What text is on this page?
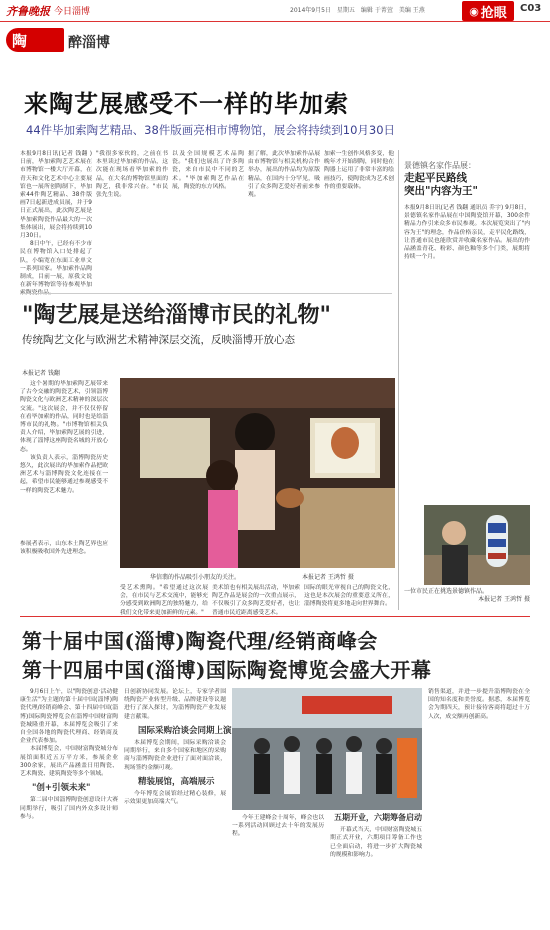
齐鲁晚报 今日淄博	2014年9月5日 星期五 编辑 于菁萱 美编 王燕	◉ 抢眼 C03
陶	醉淄博
来陶艺展感受不一样的毕加索
44件毕加索陶艺精品、38件版画亮相市博物馆，展会将持续到10月30日

本报9月8日讯(记者 钱翻 ) 日前，毕加索陶艺艺术展在市博物馆一楼大厅开幕，在青天和文化艺术中心主要展馆也一展所创陶制下，毕加索44件陶艺精品、38件版画7日起新进成员展，并于9日正式展出，此次陶艺展是毕加索陶瓷作品最大的一次集体展出，展会将持续到10月30日。

8日中午，已经有不少市民在博物馆入口处排起了队，小编宽在东面工业单文一系列国家。毕加索作品陶制成，目前一展，原我文说在新年博物馆等待参观毕加

"我很多家伙的，之前在书本里读过毕加索的作品，这次能在现场看毕加索的作品，在大名的博物馆里面的陶艺，我非常兴奋。"市民张先生说。
以及全国规模艺术品陶瓷。"我们也展出了许多陶瓷，来自市民中不同的艺术。"毕加索陶艺作品在展，陶瓷的东方风格。
据了解，此次毕加索作品展由市博物馆与相关机构合作举办，展出的作品均为原版精品，在国内十分罕见，吸引了众多陶艺爱好者前来参观。
加索一生创作风格多变，他晚年才开始制陶，同时他在陶器上运用了非常丰富的绘画技巧，使陶瓷成为艺术创作的重要载体。
景德镇名家作品展：
走起平民路线
突出"内容为王"
本报9月8日讯(记者 钱翻 通讯员 乔宇) 9月8日，景德镇名家作品展在中国陶瓷馆开幕，300余件精品力作引来众多市民参观。本次展览突出了"内容为王"的理念，作品价格亲民，走平民化路线，让普通市民也能欣赏并收藏名家作品。展出的作品涵盖青花、粉彩、颜色釉等多个门类，展期将持续一个月。
一位市民正在挑选景德镇作品。
本报记者 王鸿哲 摄
"陶艺展是送给淄博市民的礼物"
传统陶艺文化与欧洲艺术精神深层交流，反映淄博开放心态
本报记者 钱翻

这个暑期的毕加索陶艺展带来了古今交融的陶瓷艺术，引领淄博陶瓷文化与欧洲艺术精神的深层次交流。"这次展会，并不仅仅停留在看毕加索的作品，同时也是给淄博市民的礼物。"市博物馆相关负责人介绍，毕加索陶艺展的引进，体现了淄博这座陶瓷名城的开放心态。

该负责人表示，淄博陶瓷历史悠久，此次展出的毕加索作品把欧洲艺术与淄博陶瓷文化连接在一起，希望市民能够通过参观感受不一样的陶瓷艺术魅力。

华信翡的作品吸引小朋友的关注。	本报记者 王鸿哲 摄
受艺术熏陶。"希望通过这次展会，在市民与艺术交流中，能够充分感受到欧洲陶艺的独特魅力，给我们文化带来更加新鲜的元素。"
美术馆也有相关展出活动，毕加索陶艺作品是展会的一次重点展示，不仅吸引了众多陶艺爱好者，也让普通市民近距离感受艺术。
国际的眼光审视自己的陶瓷文化，这也是本次展会的重要意义所在，淄博陶瓷将更多地走向世界舞台。
参展者表示，山东本土陶艺界也应该积极吸收国外先进理念。
第十届中国(淄博)陶瓷代理/经销商峰会
第十四届中国(淄博)国际陶瓷博览会盛大开幕

9月6日上午，以"陶瓷创意·活动健康生活"为主题的第十届中国(淄博)陶瓷代理/经销商峰会、第十四届中国(淄博)国际陶瓷博览会在淄博中国财富陶瓷城隆重开幕，本届博览会吸引了来自全国各地的陶瓷代理商、经销商及企业代表参加。

本届博览会，中国财富陶瓷城分布展馆面积近五万平方米，参展企业300余家，展出产品涵盖日用陶瓷、艺术陶瓷、建筑陶瓷等多个领域。

"创+引领未来"

第二届中国淄博陶瓷创意设计大赛同期举行，吸引了国内外众多设计师参与。

日创新协同发展。论坛上，专家学者围绕陶瓷产业转型升级、品牌建设等议题进行了深入探讨，为淄博陶瓷产业发展建言献策。

国际采购洽谈会同期上演

本届博览会期间，国际采购洽谈会同期举行，来自多个国家和地区的采购商与淄博陶瓷企业进行了面对面洽谈，现场签约金额可观。

精装展馆，高端展示

今年博览会展馆经过精心装修，展示效果更加高端大气。

今年王建峰会十周年，峰会也以一系列活动回顾过去十年的发展历程。

五期开业，六期筹备启动

开幕式当天，中国财富陶瓷城五期正式开业，六期项目筹备工作也已全面启动，将进一步扩大陶瓷城的规模和影响力。

销售渠道，并进一步提升淄博陶瓷在全国的知名度和美誉度。据悉，本届博览会为期四天，预计接待客商将超过十万人次，成交额再创新高。
